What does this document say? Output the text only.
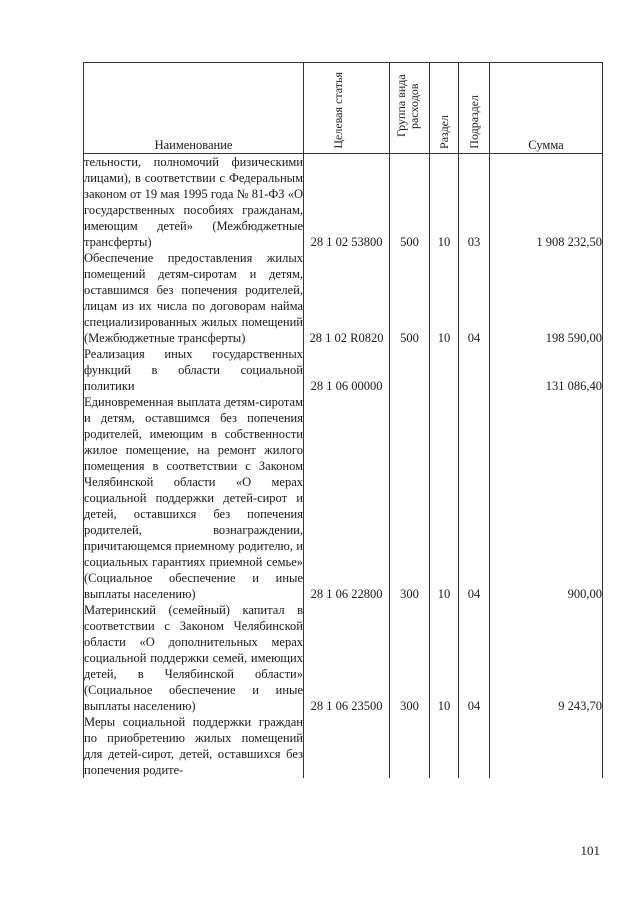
Наименование	Целевая статья	Группа вида расходов	Раздел	Подраздел	Сумма
тельности, полномочий физическими лицами), в соответствии с Федеральным законом от 19 мая 1995 года № 81-ФЗ «О государственных пособиях гражданам, имеющим детей» (Межбюджетные трансферты)	28 1 02 53800	500	10	03	1 908 232,50
Обеспечение предоставления жилых помещений детям-сиротам и детям, оставшимся без попечения родителей, лицам из их числа по договорам найма специализированных жилых помещений (Межбюджетные трансферты)	28 1 02 R0820	500	10	04	198 590,00
Реализация иных государственных функций в области социальной политики	28 1 06 00000				131 086,40
Единовременная выплата детям-сиротам и детям, оставшимся без попечения родителей, имеющим в собственности жилое помещение, на ремонт жилого помещения в соответствии с Законом Челябинской области «О мерах социальной поддержки детей-сирот и детей, оставшихся без попечения родителей, вознаграждении, причитающемся приемному родителю, и социальных гарантиях приемной семье» (Социальное обеспечение и иные выплаты населению)	28 1 06 22800	300	10	04	900,00
Материнский (семейный) капитал в соответствии с Законом Челябинской области «О дополнительных мерах социальной поддержки семей, имеющих детей, в Челябинской области» (Социальное обеспечение и иные выплаты населению)	28 1 06 23500	300	10	04	9 243,70
Меры социальной поддержки граждан по приобретению жилых помещений для детей-сирот, детей, оставшихся без попечения родите-					
101
